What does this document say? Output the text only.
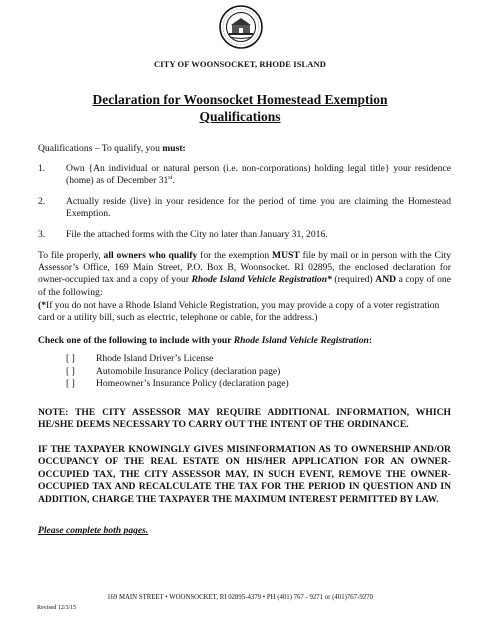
CITY OF WOONSOCKET, RHODE ISLAND
Declaration for Woonsocket Homestead Exemption
Qualifications
Qualifications – To qualify, you must:
1.	Own {An individual or natural person (i.e. non-corporations) holding legal title} your residence (home) as of December 31st.
2.	Actually reside (live) in your residence for the period of time you are claiming the Homestead Exemption.
3.	File the attached forms with the City no later than January 31, 2016.
To file properly, all owners who qualify for the exemption MUST file by mail or in person with the City Assessor’s Office, 169 Main Street, P.O. Box B, Woonsocket. RI 02895, the enclosed declaration for owner-occupied tax and a copy of your Rhode Island Vehicle Registration* (required) AND a copy of one of the following:
(*If you do not have a Rhode Island Vehicle Registration, you may provide a copy of a voter registration card or a utility bill, such as electric, telephone or cable, for the address.)
Check one of the following to include with your Rhode Island Vehicle Registration:
[ ]	Rhode Island Driver’s License
[ ]	Automobile Insurance Policy (declaration page)
[ ]	Homeowner’s Insurance Policy (declaration page)
NOTE: THE CITY ASSESSOR MAY REQUIRE ADDITIONAL INFORMATION, WHICH HE/SHE DEEMS NECESSARY TO CARRY OUT THE INTENT OF THE ORDINANCE.
IF THE TAXPAYER KNOWINGLY GIVES MISINFORMATION AS TO OWNERSHIP AND/OR OCCUPANCY OF THE REAL ESTATE ON HIS/HER APPLICATION FOR AN OWNER-OCCUPIED TAX, THE CITY ASSESSOR MAY, IN SUCH EVENT, REMOVE THE OWNER-OCCUPIED TAX AND RECALCULATE THE TAX FOR THE PERIOD IN QUESTION AND IN ADDITION, CHARGE THE TAXPAYER THE MAXIMUM INTEREST PERMITTED BY LAW.
Please complete both pages.
169 MAIN STREET • WOONSOCKET, RI 02895-4379 • PH (401) 767 - 9271 or (401)767-9270
Revised 12/3/15
